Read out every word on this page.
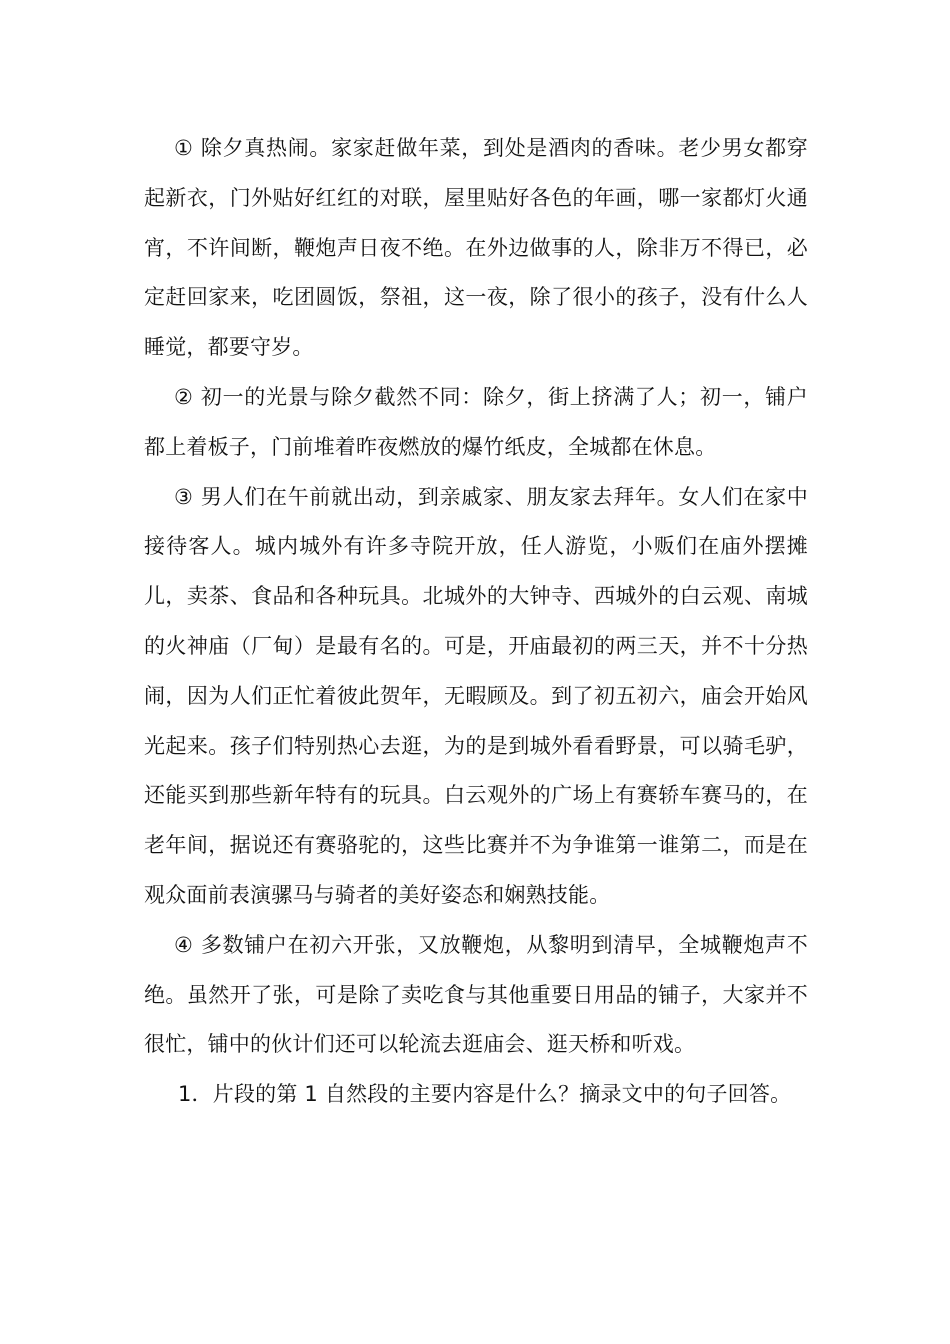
① 除夕真热闹。家家赶做年菜，到处是酒肉的香味。老少男女都穿起新衣，门外贴好红红的对联，屋里贴好各色的年画，哪一家都灯火通宵，不许间断，鞭炮声日夜不绝。在外边做事的人，除非万不得已，必定赶回家来，吃团圆饭，祭祖，这一夜，除了很小的孩子，没有什么人睡觉，都要守岁。

② 初一的光景与除夕截然不同：除夕，街上挤满了人；初一，铺户都上着板子，门前堆着昨夜燃放的爆竹纸皮，全城都在休息。

③ 男人们在午前就出动，到亲戚家、朋友家去拜年。女人们在家中接待客人。城内城外有许多寺院开放，任人游览，小贩们在庙外摆摊儿，卖茶、食品和各种玩具。北城外的大钟寺、西城外的白云观、南城的火神庙（厂甸）是最有名的。可是，开庙最初的两三天，并不十分热闹，因为人们正忙着彼此贺年，无暇顾及。到了初五初六，庙会开始风光起来。孩子们特别热心去逛，为的是到城外看看野景，可以骑毛驴，还能买到那些新年特有的玩具。白云观外的广场上有赛轿车赛马的，在老年间，据说还有赛骆驼的，这些比赛并不为争谁第一谁第二，而是在观众面前表演骡马与骑者的美好姿态和娴熟技能。

④ 多数铺户在初六开张，又放鞭炮，从黎明到清早，全城鞭炮声不绝。虽然开了张，可是除了卖吃食与其他重要日用品的铺子，大家并不很忙，铺中的伙计们还可以轮流去逛庙会、逛天桥和听戏。

1．片段的第 1 自然段的主要内容是什么？摘录文中的句子回答。
